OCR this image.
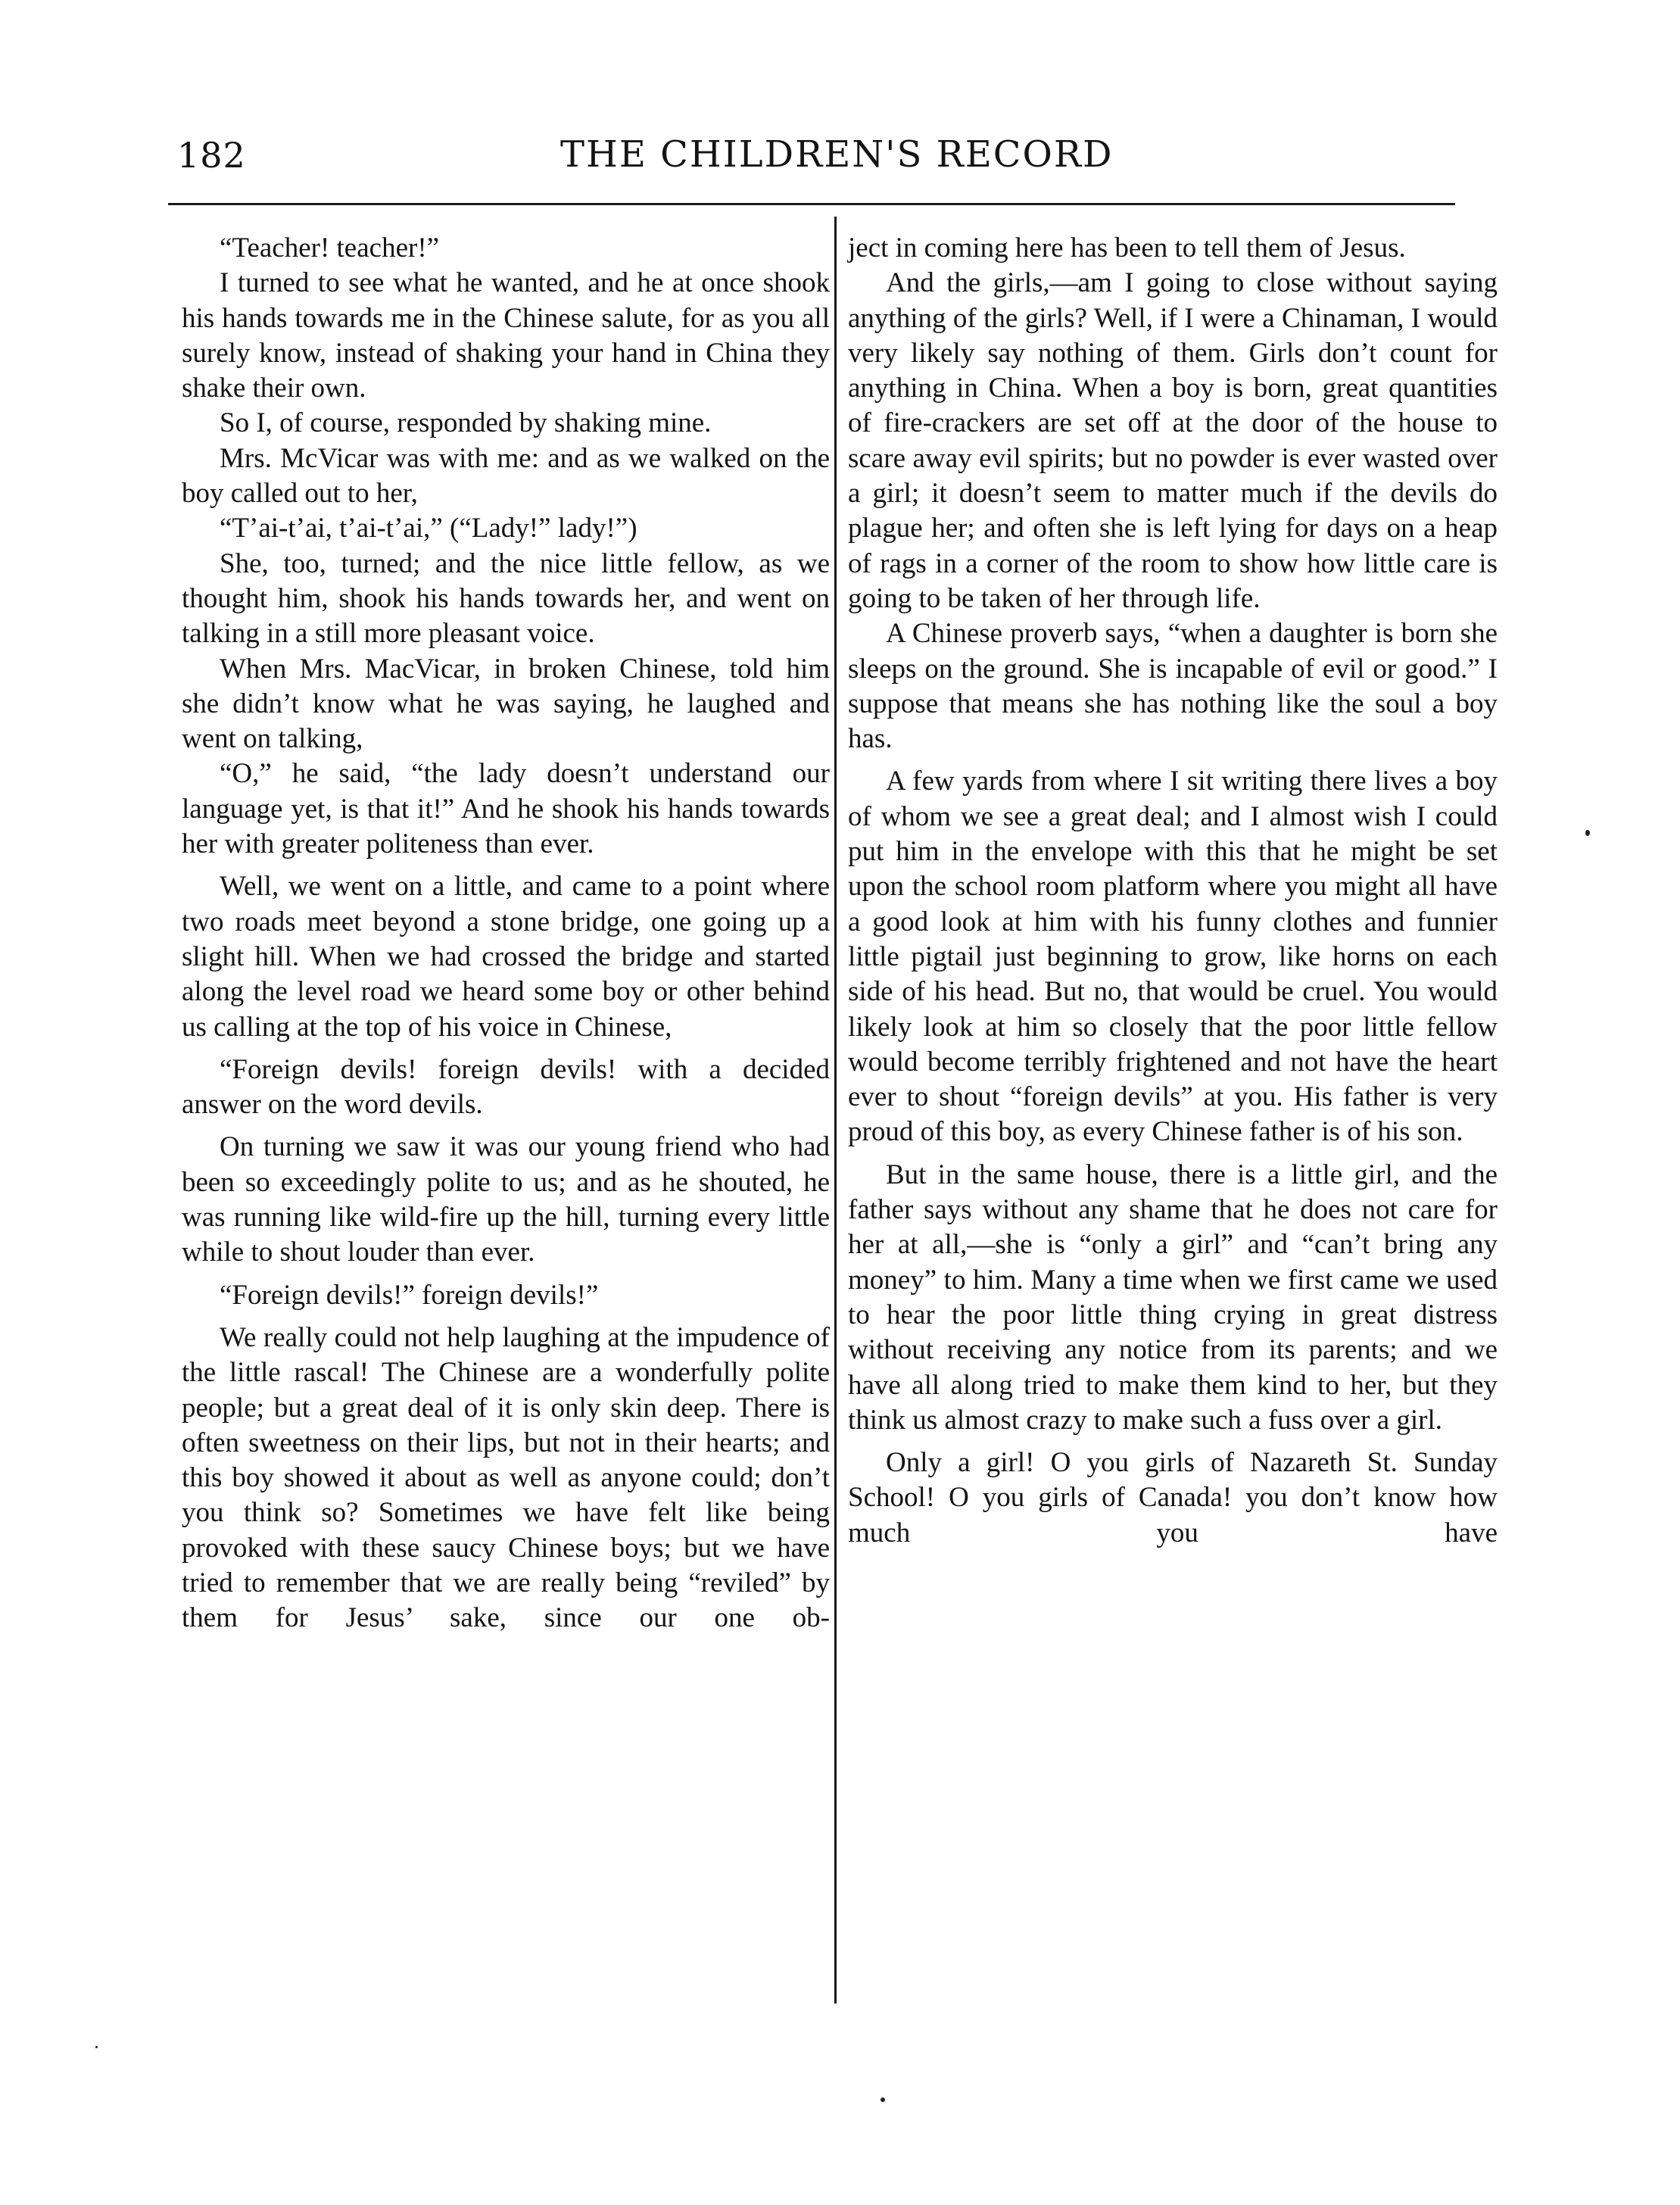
182	THE CHILDREN'S RECORD

“Teacher! teacher!”

I turned to see what he wanted, and he at once shook his hands towards me in the Chinese salute, for as you all surely know, instead of shaking your hand in China they shake their own.

So I, of course, responded by shaking mine.

Mrs. McVicar was with me: and as we walked on the boy called out to her,

“T’ai-t’ai, t’ai-t’ai,” (“Lady!” lady!”)

She, too, turned; and the nice little fellow, as we thought him, shook his hands towards her, and went on talking in a still more pleasant voice.

When Mrs. MacVicar, in broken Chinese, told him she didn’t know what he was saying, he laughed and went on talking,

“O,” he said, “the lady doesn’t understand our language yet, is that it!” And he shook his hands towards her with greater politeness than ever.

Well, we went on a little, and came to a point where two roads meet beyond a stone bridge, one going up a slight hill. When we had crossed the bridge and started along the level road we heard some boy or other behind us calling at the top of his voice in Chinese,

“Foreign devils! foreign devils! with a decided answer on the word devils.

On turning we saw it was our young friend who had been so exceedingly polite to us; and as he shouted, he was running like wild-fire up the hill, turning every little while to shout louder than ever.

“Foreign devils!” foreign devils!”

We really could not help laughing at the impudence of the little rascal! The Chinese are a wonderfully polite people; but a great deal of it is only skin deep. There is often sweetness on their lips, but not in their hearts; and this boy showed it about as well as anyone could; don’t you think so? Sometimes we have felt like being provoked with these saucy Chinese boys; but we have tried to remember that we are really being “reviled” by them for Jesus’ sake, since our one ob-

ject in coming here has been to tell them of Jesus.

And the girls,—am I going to close without saying anything of the girls? Well, if I were a Chinaman, I would very likely say nothing of them. Girls don’t count for anything in China. When a boy is born, great quantities of fire-crackers are set off at the door of the house to scare away evil spirits; but no powder is ever wasted over a girl; it doesn’t seem to matter much if the devils do plague her; and often she is left lying for days on a heap of rags in a corner of the room to show how little care is going to be taken of her through life.

A Chinese proverb says, “when a daughter is born she sleeps on the ground. She is incapable of evil or good.” I suppose that means she has nothing like the soul a boy has.

A few yards from where I sit writing there lives a boy of whom we see a great deal; and I almost wish I could put him in the envelope with this that he might be set upon the school room platform where you might all have a good look at him with his funny clothes and funnier little pigtail just beginning to grow, like horns on each side of his head. But no, that would be cruel. You would likely look at him so closely that the poor little fellow would become terribly frightened and not have the heart ever to shout “foreign devils” at you. His father is very proud of this boy, as every Chinese father is of his son.

But in the same house, there is a little girl, and the father says without any shame that he does not care for her at all,—she is “only a girl” and “can’t bring any money” to him. Many a time when we first came we used to hear the poor little thing crying in great distress without receiving any notice from its parents; and we have all along tried to make them kind to her, but they think us almost crazy to make such a fuss over a girl.

Only a girl! O you girls of Nazareth St. Sunday School! O you girls of Canada! you don’t know how much you have
